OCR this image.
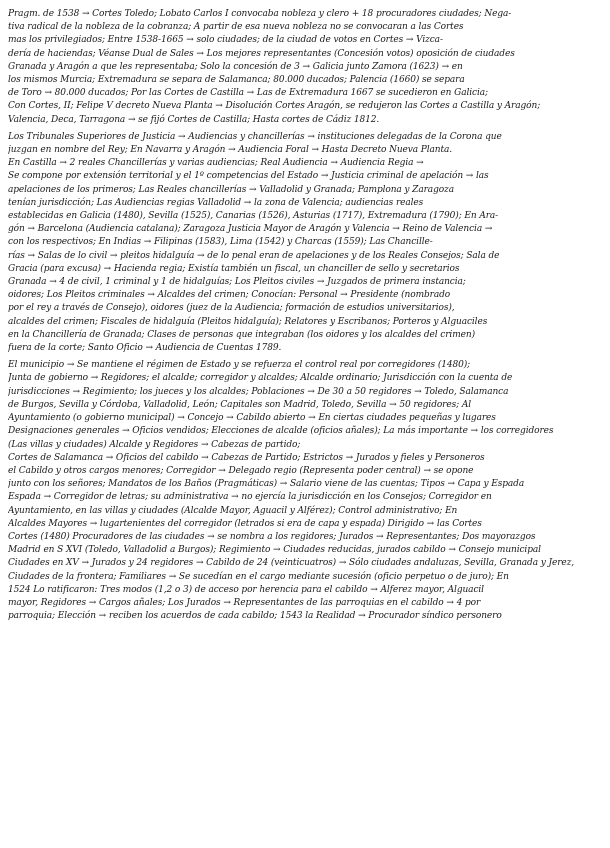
Pragm. de 1538 → Cortes Toledo; Lobato Carlos I convocaba nobleza y clero + 18 procuradores ciudades; Nega-
tiva radical de la nobleza de la cobranza; A partir de esa nueva nobleza no se convocaran a las Cortes
mas los privilegiados; Entre 1538-1665 → solo ciudades; de la ciudad de votos en Cortes → Vizca-
dería de haciendas; Véanse Dual de Sales → Los mejores representantes (Concesión votos) oposición de ciudades
Granada y Aragón a que les representaba; Solo la concesión de 3 → Galicia junto Zamora (1623) → en
los mismos Murcia; Extremadura se separa de Salamanca; 80.000 ducados; Palencia (1660) se separa
de Toro → 80.000 ducados; Por las Cortes de Castilla → Las de Extremadura 1667 se sucedieron en Galicia;
Con Cortes, II; Felipe V decreto Nueva Planta → Disolución Cortes Aragón, se redujeron las Cortes a Castilla y Aragón;
Valencia, Deca, Tarragona → se fijó Cortes de Castilla; Hasta cortes de Cádiz 1812.
Los Tribunales Superiores de Justicia → Audiencias y chancillerías → instituciones delegadas de la Corona que
juzgan en nombre del Rey; En Navarra y Aragón → Audiencia Foral → Hasta Decreto Nueva Planta.
En Castilla → 2 reales Chancillerías y varias audiencias; Real Audiencia → Audiencia Regia →
Se compone por extensión territorial y el 1º competencias del Estado → Justicia criminal de apelación → las
apelaciones de los primeros; Las Reales chancillerías → Valladolid y Granada; Pamplona y Zaragoza
tenían jurisdicción; Las Audiencias regias Valladolid → la zona de Valencia; audiencias reales
establecidas en Galicia (1480), Sevilla (1525), Canarias (1526), Asturias (1717), Extremadura (1790); En Ara-
gón → Barcelona (Audiencia catalana); Zaragoza Justicia Mayor de Aragón y Valencia → Reino de Valencia →
con los respectivos; En Indias → Filipinas (1583), Lima (1542) y Charcas (1559); Las Chancille-
rías → Salas de lo civil → pleitos hidalguía → de lo penal eran de apelaciones y de los Reales Consejos; Sala de
Gracia (para excusa) → Hacienda regia; Existía también un fiscal, un chanciller de sello y secretarios
Granada → 4 de civil, 1 criminal y 1 de hidalguías; Los Pleitos civiles → Juzgados de primera instancia;
oidores; Los Pleitos criminales → Alcaldes del crimen; Conocían: Personal → Presidente (nombrado
por el rey a través de Consejo), oidores (juez de la Audiencia; formación de estudios universitarios),
alcaldes del crimen; Fiscales de hidalguía (Pleitos hidalguía); Relatores y Escribanos; Porteros y Alguaciles
en la Chancillería de Granada; Clases de personas que integraban (los oidores y los alcaldes del crimen)
fuera de la corte; Santo Oficio → Audiencia de Cuentas 1789.
El municipio → Se mantiene el régimen de Estado y se refuerza el control real por corregidores (1480);
Junta de gobierno → Regidores; el alcalde; corregidor y alcaldes; Alcalde ordinario; Jurisdicción con la cuenta de
jurisdicciones → Regimiento; los jueces y los alcaldes; Poblaciones → De 30 a 50 regidores → Toledo, Salamanca
de Burgos, Sevilla y Córdoba, Valladolid, León; Capitales son Madrid, Toledo, Sevilla → 50 regidores; Al
Ayuntamiento (o gobierno municipal) → Concejo → Cabildo abierto → En ciertas ciudades pequeñas y lugares
Designaciones generales → Oficios vendidos; Elecciones de alcalde (oficios añales); La más importante → los corregidores
(Las villas y ciudades) Alcalde y Regidores → Cabezas de partido;
Cortes de Salamanca → Oficios del cabildo → Cabezas de Partido; Estrictos → Jurados y fieles y Personeros
el Cabildo y otros cargos menores; Corregidor → Delegado regio (Representa poder central) → se opone
junto con los señores; Mandatos de los Baños (Pragmáticas) → Salario viene de las cuentas; Tipos → Capa y Espada
Espada → Corregidor de letras; su administrativa → no ejercía la jurisdicción en los Consejos; Corregidor en
Ayuntamiento, en las villas y ciudades (Alcalde Mayor, Aguacil y Alférez); Control administrativo; En
Alcaldes Mayores → lugartenientes del corregidor (letrados si era de capa y espada) Dirigido → las Cortes
Cortes (1480) Procuradores de las ciudades → se nombra a los regidores; Jurados → Representantes; Dos mayorazgos
Madrid en S XVI (Toledo, Valladolid a Burgos); Regimiento → Ciudades reducidas, jurados cabildo → Consejo municipal
Ciudades en XV → Jurados y 24 regidores → Cabildo de 24 (veinticuatros) → Sólo ciudades andaluzas, Sevilla, Granada y Jerez,
Ciudades de la frontera; Familiares → Se sucedían en el cargo mediante sucesión (oficio perpetuo o de juro); En
1524 Lo ratificaron: Tres modos (1,2 o 3) de acceso por herencia para el cabildo → Alferez mayor, Alguacil
mayor, Regidores → Cargos añales; Los Jurados → Representantes de las parroquias en el cabildo → 4 por
parroquia; Elección → reciben los acuerdos de cada cabildo; 1543 la Realidad → Procurador síndico personero
